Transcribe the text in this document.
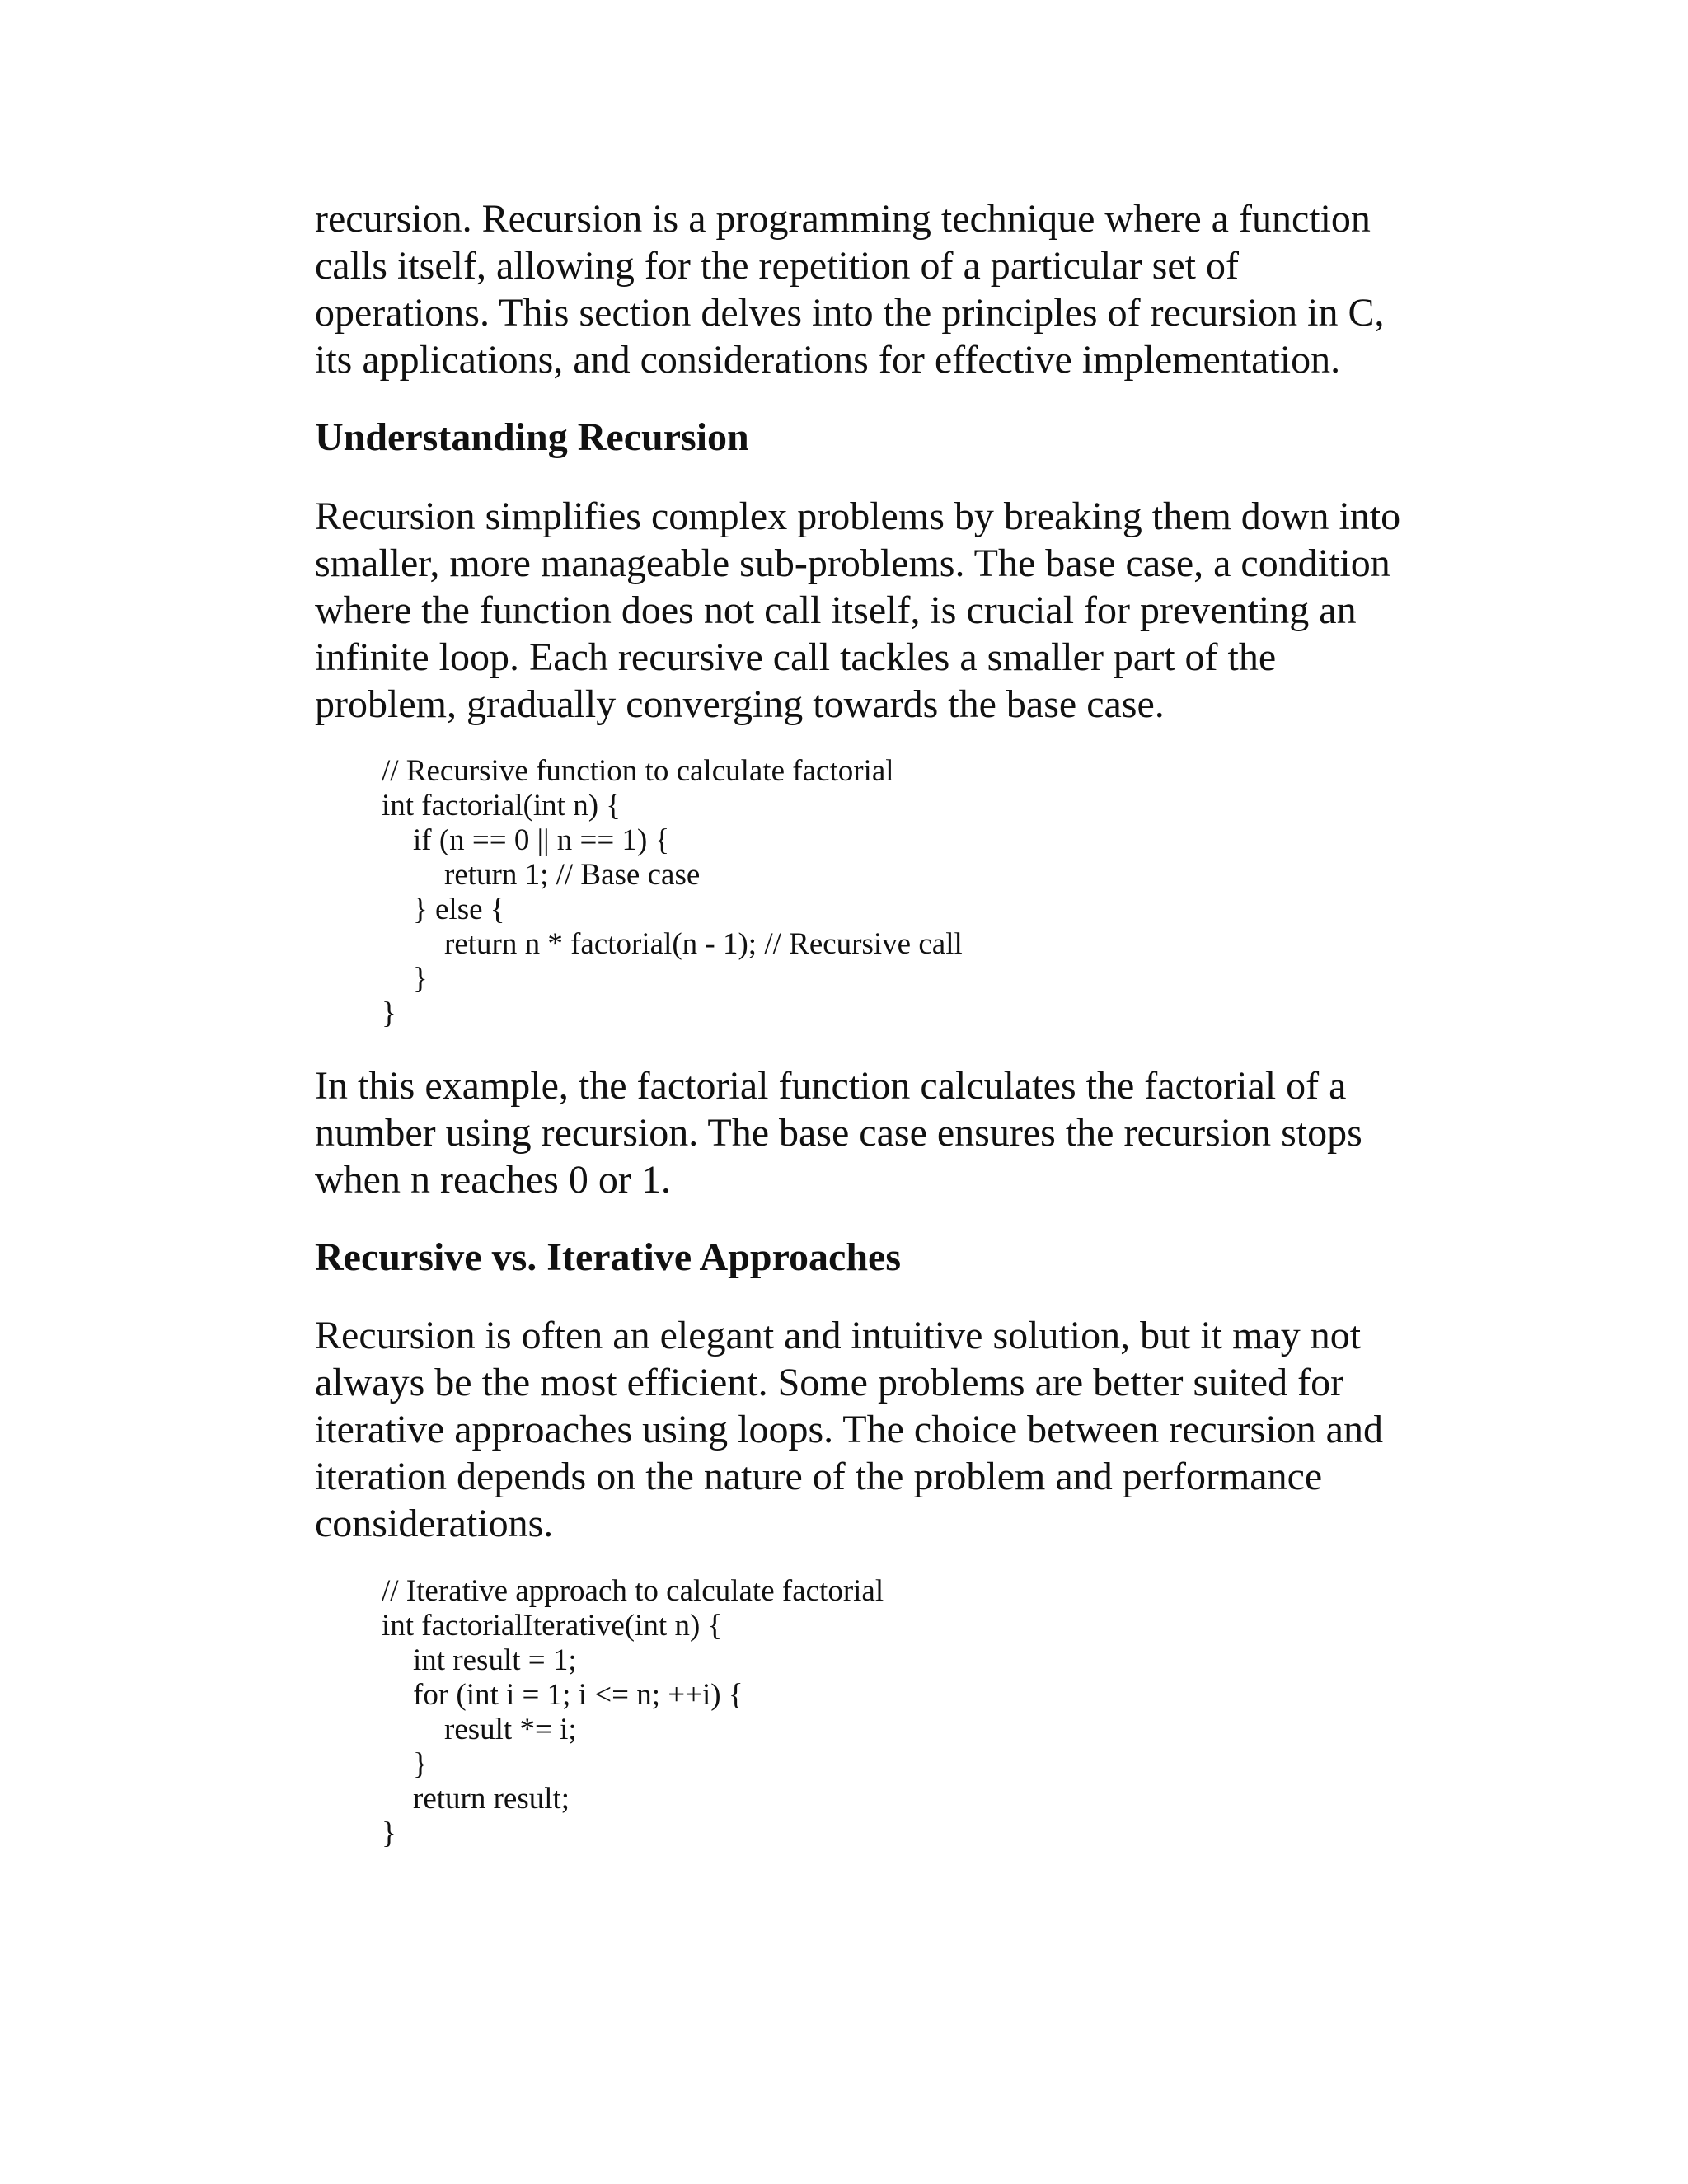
recursion. Recursion is a programming technique where a function
calls itself, allowing for the repetition of a particular set of
operations. This section delves into the principles of recursion in C,
its applications, and considerations for effective implementation.

Understanding Recursion

Recursion simplifies complex problems by breaking them down into
smaller, more manageable sub-problems. The base case, a condition
where the function does not call itself, is crucial for preventing an
infinite loop. Each recursive call tackles a smaller part of the
problem, gradually converging towards the base case.

// Recursive function to calculate factorial
int factorial(int n) {
if (n == 0 || n == 1) {
return 1; // Base case
} else {
return n * factorial(n - 1); // Recursive call
}
}

In this example, the factorial function calculates the factorial of a
number using recursion. The base case ensures the recursion stops
when n reaches 0 or 1.

Recursive vs. Iterative Approaches

Recursion is often an elegant and intuitive solution, but it may not
always be the most efficient. Some problems are better suited for
iterative approaches using loops. The choice between recursion and
iteration depends on the nature of the problem and performance
considerations.

// Iterative approach to calculate factorial
int factorialIterative(int n) {
int result = 1;
for (int i = 1; i <= n; ++i) {
result *= i;
}
return result;
}
